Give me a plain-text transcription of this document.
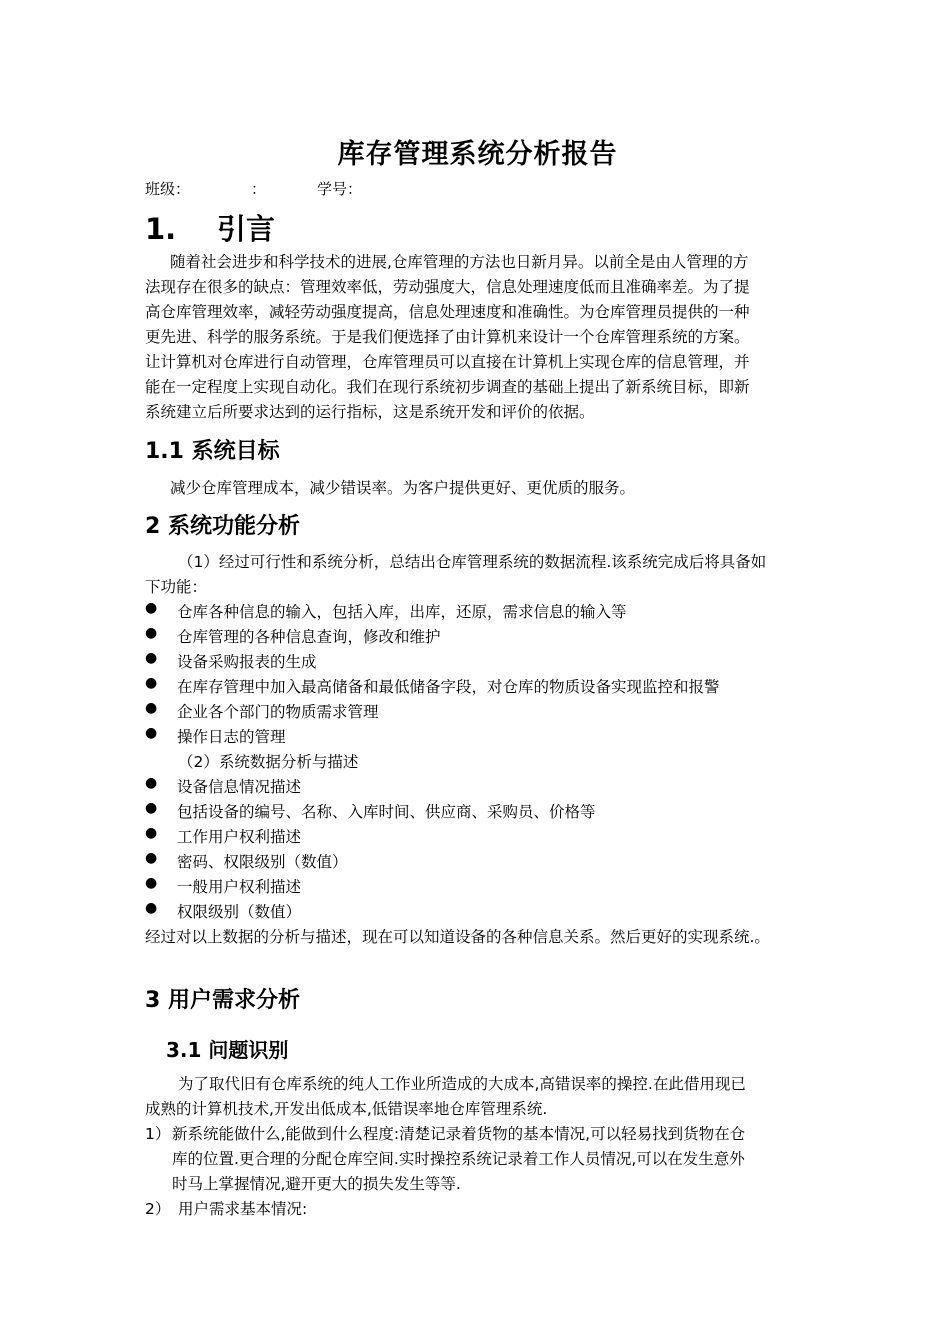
库存管理系统分析报告
班级：	：	学号：
1. 引言
随着社会进步和科学技术的进展,仓库管理的方法也日新月异。以前全是由人管理的方
法现存在很多的缺点：管理效率低，劳动强度大，信息处理速度低而且准确率差。为了提
高仓库管理效率，减轻劳动强度提高，信息处理速度和准确性。为仓库管理员提供的一种
更先进、科学的服务系统。于是我们便选择了由计算机来设计一个仓库管理系统的方案。
让计算机对仓库进行自动管理，仓库管理员可以直接在计算机上实现仓库的信息管理，并
能在一定程度上实现自动化。我们在现行系统初步调查的基础上提出了新系统目标，即新
系统建立后所要求达到的运行指标，这是系统开发和评价的依据。
1.1 系统目标
减少仓库管理成本，减少错误率。为客户提供更好、更优质的服务。
2 系统功能分析
（1）经过可行性和系统分析，总结出仓库管理系统的数据流程.该系统完成后将具备如
下功能：
● 仓库各种信息的输入，包括入库，出库，还原，需求信息的输入等
● 仓库管理的各种信息查询，修改和维护
● 设备采购报表的生成
● 在库存管理中加入最高储备和最低储备字段，对仓库的物质设备实现监控和报警
● 企业各个部门的物质需求管理
● 操作日志的管理
（2）系统数据分析与描述
● 设备信息情况描述
● 包括设备的编号、名称、入库时间、供应商、采购员、价格等
● 工作用户权利描述
● 密码、权限级别（数值）
● 一般用户权利描述
● 权限级别（数值）
经过对以上数据的分析与描述，现在可以知道设备的各种信息关系。然后更好的实现系统.。
3 用户需求分析
3.1 问题识别
为了取代旧有仓库系统的纯人工作业所造成的大成本,高错误率的操控.在此借用现已
成熟的计算机技术,开发出低成本,低错误率地仓库管理系统.
1） 新系统能做什么,能做到什么程度:清楚记录着货物的基本情况,可以轻易找到货物在仓
库的位置.更合理的分配仓库空间.实时操控系统记录着工作人员情况,可以在发生意外
时马上掌握情况,避开更大的损失发生等等.
2） 用户需求基本情况:
